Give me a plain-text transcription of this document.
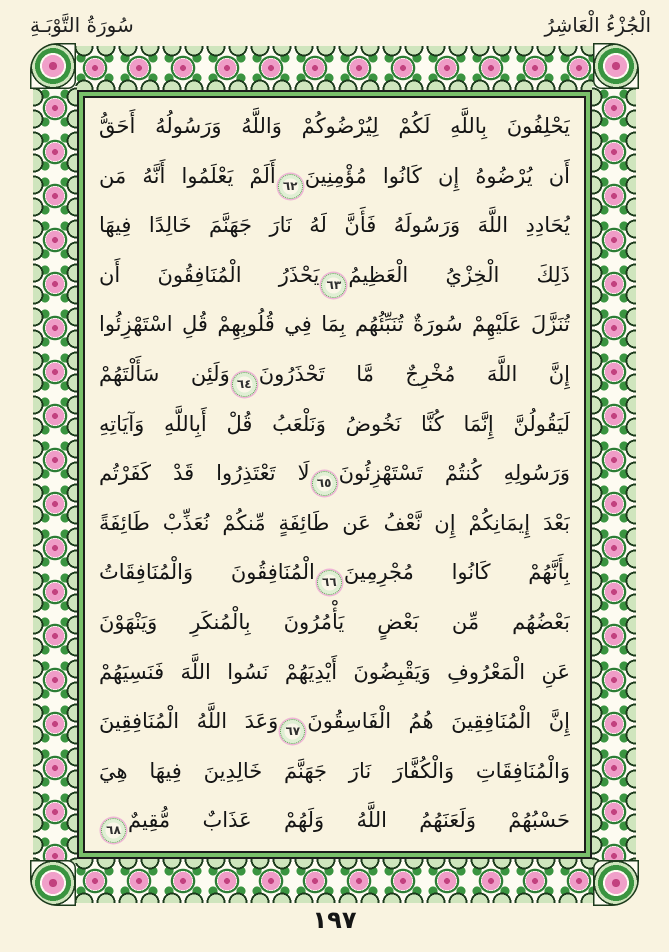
الْجُزْءُ الْعَاشِرُ
سُورَةُ التَّوْبَـةِ
يَحْلِفُونَ بِاللَّهِ لَكُمْ لِيُرْضُوكُمْ وَاللَّهُ وَرَسُولُهُ أَحَقُّ
أَن يُرْضُوهُ إِن كَانُوا مُؤْمِنِينَ٦٢أَلَمْ يَعْلَمُوا أَنَّهُ مَن
يُحَادِدِ اللَّهَ وَرَسُولَهُ فَأَنَّ لَهُ نَارَ جَهَنَّمَ خَالِدًا فِيهَا
ذَلِكَ الْخِزْيُ الْعَظِيمُ٦٣يَحْذَرُ الْمُنَافِقُونَ أَن
تُنَزَّلَ عَلَيْهِمْ سُورَةٌ تُنَبِّئُهُم بِمَا فِي قُلُوبِهِمْ قُلِ اسْتَهْزِئُوا
إِنَّ اللَّهَ مُخْرِجٌ مَّا تَحْذَرُونَ٦٤وَلَئِن سَأَلْتَهُمْ
لَيَقُولُنَّ إِنَّمَا كُنَّا نَخُوضُ وَنَلْعَبُ قُلْ أَبِاللَّهِ وَآيَاتِهِ
وَرَسُولِهِ كُنتُمْ تَسْتَهْزِئُونَ٦٥لَا تَعْتَذِرُوا قَدْ كَفَرْتُم
بَعْدَ إِيمَانِكُمْ إِن نَّعْفُ عَن طَائِفَةٍ مِّنكُمْ نُعَذِّبْ طَائِفَةً
بِأَنَّهُمْ كَانُوا مُجْرِمِينَ٦٦الْمُنَافِقُونَ وَالْمُنَافِقَاتُ
بَعْضُهُم مِّن بَعْضٍ يَأْمُرُونَ بِالْمُنكَرِ وَيَنْهَوْنَ
عَنِ الْمَعْرُوفِ وَيَقْبِضُونَ أَيْدِيَهُمْ نَسُوا اللَّهَ فَنَسِيَهُمْ
إِنَّ الْمُنَافِقِينَ هُمُ الْفَاسِقُونَ٦٧وَعَدَ اللَّهُ الْمُنَافِقِينَ
وَالْمُنَافِقَاتِ وَالْكُفَّارَ نَارَ جَهَنَّمَ خَالِدِينَ فِيهَا هِيَ
حَسْبُهُمْ وَلَعَنَهُمُ اللَّهُ وَلَهُمْ عَذَابٌ مُّقِيمٌ٦٨
١٩٧
